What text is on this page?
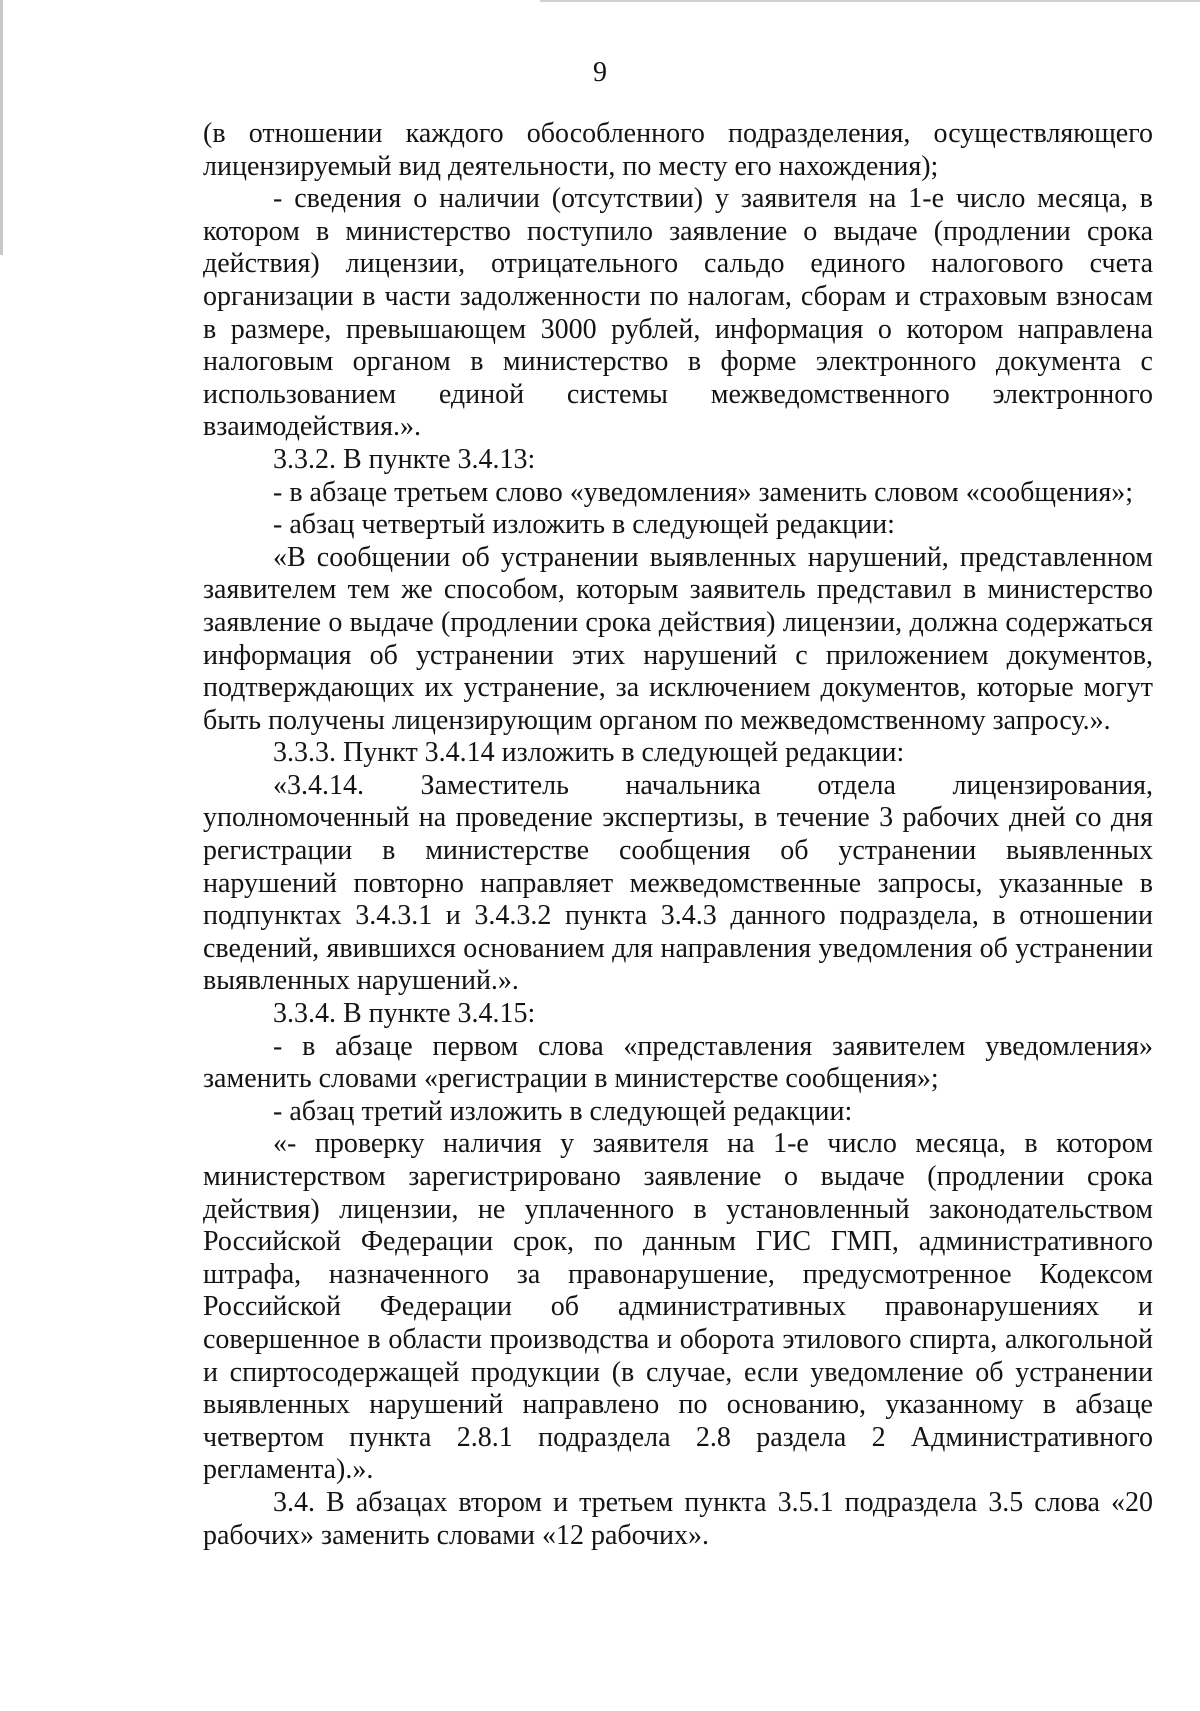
9

(в отношении каждого обособленного подразделения, осуществляющего лицензируемый вид деятельности, по месту его нахождения);

- сведения о наличии (отсутствии) у заявителя на 1-е число месяца, в котором в министерство поступило заявление о выдаче (продлении срока действия) лицензии, отрицательного сальдо единого налогового счета организации в части задолженности по налогам, сборам и страховым взносам в размере, превышающем 3000 рублей, информация о котором направлена налоговым органом в министерство в форме электронного документа с использованием единой системы межведомственного электронного взаимодействия.».

3.3.2. В пункте 3.4.13:

- в абзаце третьем слово «уведомления» заменить словом «сообщения»;

- абзац четвертый изложить в следующей редакции:

«В сообщении об устранении выявленных нарушений, представленном заявителем тем же способом, которым заявитель представил в министерство заявление о выдаче (продлении срока действия) лицензии, должна содержаться информация об устранении этих нарушений с приложением документов, подтверждающих их устранение, за исключением документов, которые могут быть получены лицензирующим органом по межведомственному запросу.».

3.3.3. Пункт 3.4.14 изложить в следующей редакции:

«3.4.14. Заместитель начальника отдела лицензирования, уполномоченный на проведение экспертизы, в течение 3 рабочих дней со дня регистрации в министерстве сообщения об устранении выявленных нарушений повторно направляет межведомственные запросы, указанные в подпунктах 3.4.3.1 и 3.4.3.2 пункта 3.4.3 данного подраздела, в отношении сведений, явившихся основанием для направления уведомления об устранении выявленных нарушений.».

3.3.4. В пункте 3.4.15:

- в абзаце первом слова «представления заявителем уведомления» заменить словами «регистрации в министерстве сообщения»;

- абзац третий изложить в следующей редакции:

«- проверку наличия у заявителя на 1-е число месяца, в котором министерством зарегистрировано заявление о выдаче (продлении срока действия) лицензии, не уплаченного в установленный законодательством Российской Федерации срок, по данным ГИС ГМП, административного штрафа, назначенного за правонарушение, предусмотренное Кодексом Российской Федерации об административных правонарушениях и совершенное в области производства и оборота этилового спирта, алкогольной и спиртосодержащей продукции (в случае, если уведомление об устранении выявленных нарушений направлено по основанию, указанному в абзаце четвертом пункта 2.8.1 подраздела 2.8 раздела 2 Административного регламента).».

3.4. В абзацах втором и третьем пункта 3.5.1 подраздела 3.5 слова «20 рабочих» заменить словами «12 рабочих».
